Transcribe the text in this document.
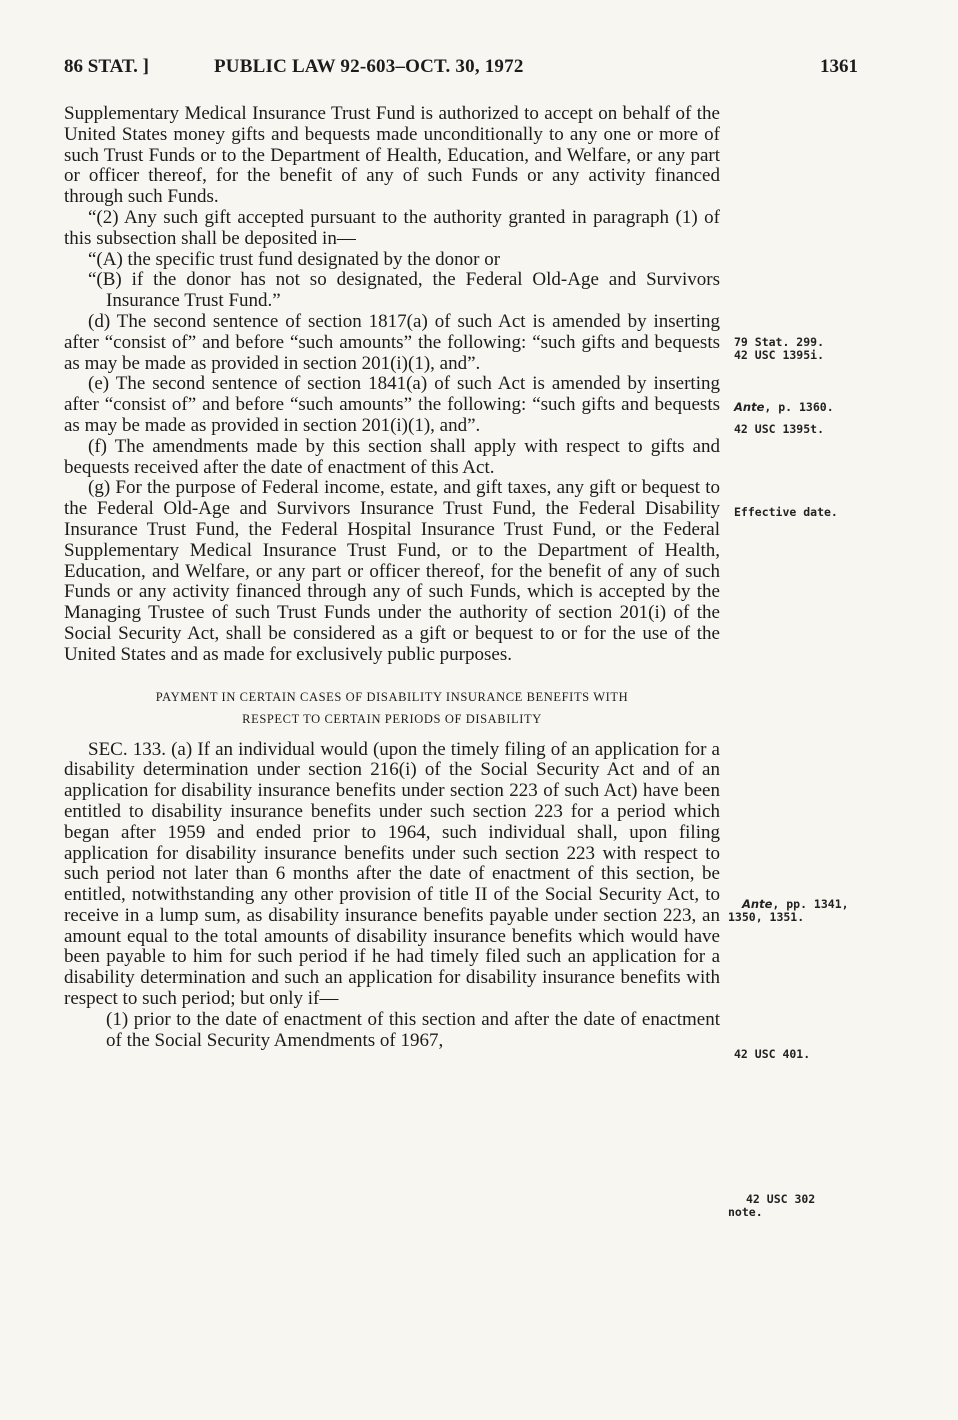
86 STAT. ]	PUBLIC LAW 92-603–OCT. 30, 1972	1361

Supplementary Medical Insurance Trust Fund is authorized to accept on behalf of the United States money gifts and bequests made unconditionally to any one or more of such Trust Funds or to the Department of Health, Education, and Welfare, or any part or officer thereof, for the benefit of any of such Funds or any activity financed through such Funds.

“(2) Any such gift accepted pursuant to the authority granted in paragraph (1) of this subsection shall be deposited in—

“(A) the specific trust fund designated by the donor or

“(B) if the donor has not so designated, the Federal Old-Age and Survivors Insurance Trust Fund.”

(d) The second sentence of section 1817(a) of such Act is amended by inserting after “consist of” and before “such amounts” the following: “such gifts and bequests as may be made as provided in section 201(i)(1), and”.

(e) The second sentence of section 1841(a) of such Act is amended by inserting after “consist of” and before “such amounts” the following: “such gifts and bequests as may be made as provided in section 201(i)(1), and”.

(f) The amendments made by this section shall apply with respect to gifts and bequests received after the date of enactment of this Act.

(g) For the purpose of Federal income, estate, and gift taxes, any gift or bequest to the Federal Old-Age and Survivors Insurance Trust Fund, the Federal Disability Insurance Trust Fund, the Federal Hospital Insurance Trust Fund, or the Federal Supplementary Medical Insurance Trust Fund, or to the Department of Health, Education, and Welfare, or any part or officer thereof, for the benefit of any of such Funds or any activity financed through any of such Funds, which is accepted by the Managing Trustee of such Trust Funds under the authority of section 201(i) of the Social Security Act, shall be considered as a gift or bequest to or for the use of the United States and as made for exclusively public purposes.

PAYMENT IN CERTAIN CASES OF DISABILITY INSURANCE BENEFITS WITH
RESPECT TO CERTAIN PERIODS OF DISABILITY

SEC. 133. (a) If an individual would (upon the timely filing of an application for a disability determination under section 216(i) of the Social Security Act and of an application for disability insurance benefits under section 223 of such Act) have been entitled to disability insurance benefits under such section 223 for a period which began after 1959 and ended prior to 1964, such individual shall, upon filing application for disability insurance benefits under such section 223 with respect to such period not later than 6 months after the date of enactment of this section, be entitled, notwithstanding any other provision of title II of the Social Security Act, to receive in a lump sum, as disability insurance benefits payable under section 223, an amount equal to the total amounts of disability insurance benefits which would have been payable to him for such period if he had timely filed such an application for a disability determination and such an application for disability insurance benefits with respect to such period; but only if—

(1) prior to the date of enactment of this section and after the date of enactment of the Social Security Amendments of 1967,

79 Stat. 299.
42 USC 1395i.
Ante, p. 1360.
42 USC 1395t.
Effective date.
Ante, pp. 1341,
1350, 1351.
42 USC 401.
42 USC 302
note.
